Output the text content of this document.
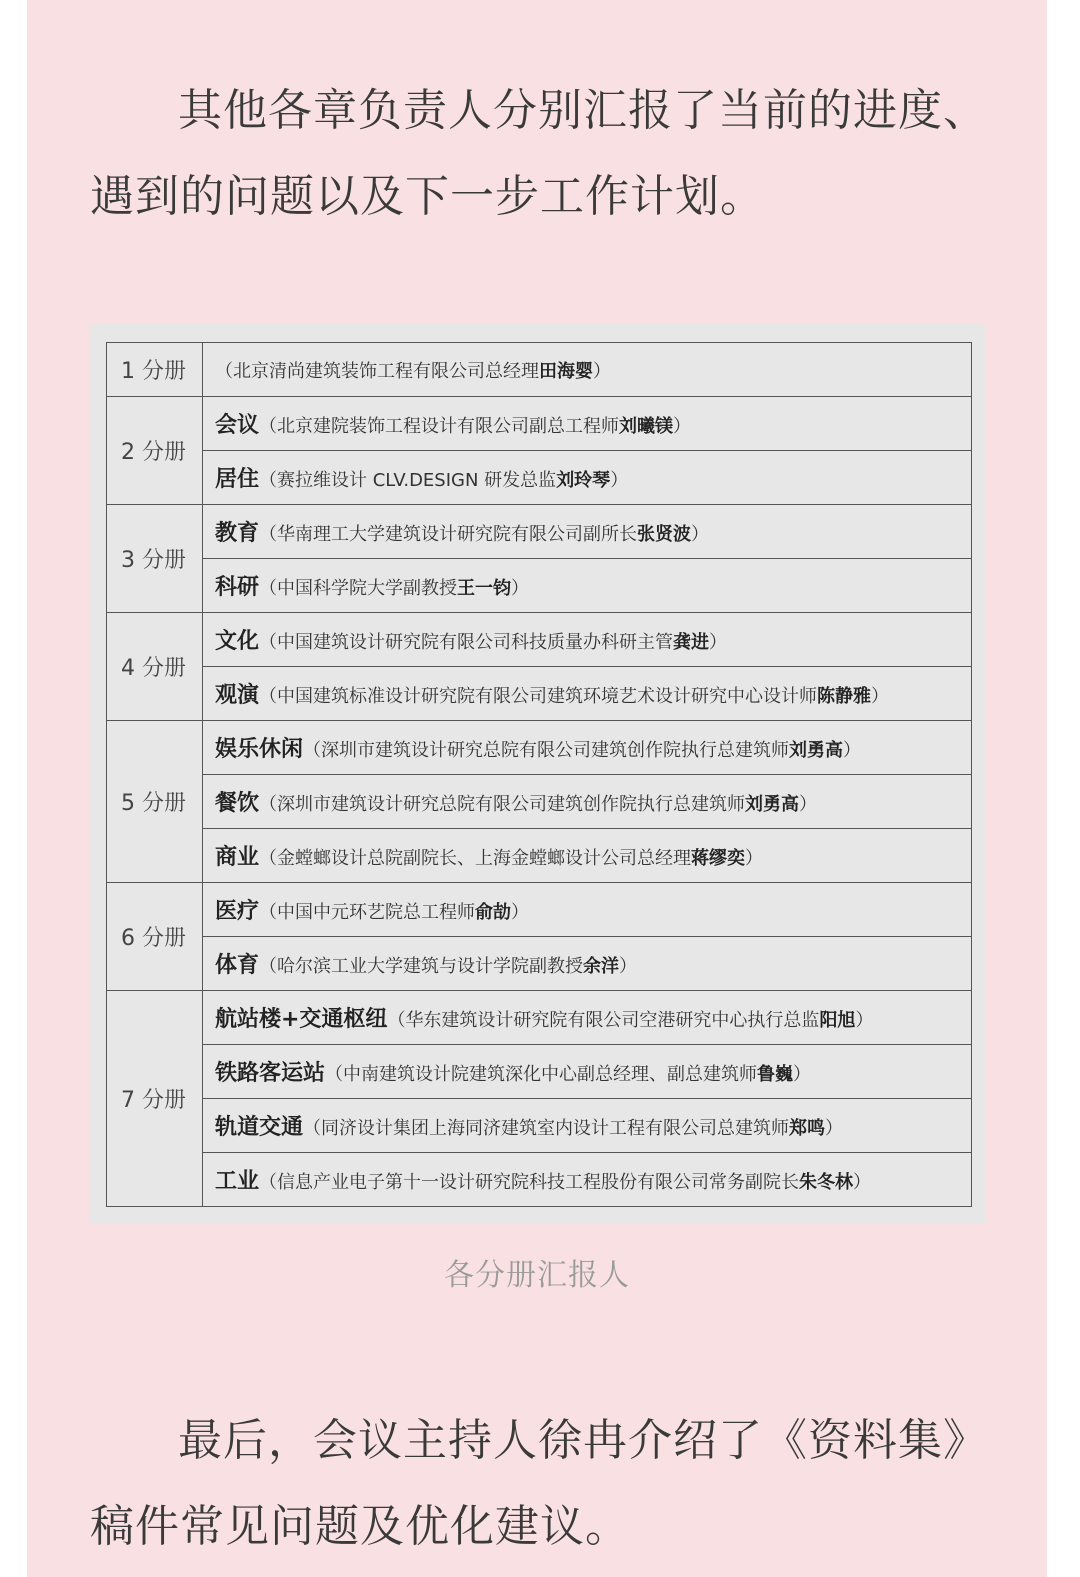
其他各章负责人分别汇报了当前的进度、遇到的问题以及下一步工作计划。

1 分册	（北京清尚建筑装饰工程有限公司总经理田海婴）
2 分册	会议（北京建院装饰工程设计有限公司副总工程师刘曦镁）
	居住（赛拉维设计 CLV.DESIGN 研发总监刘玲琴）
3 分册	教育（华南理工大学建筑设计研究院有限公司副所长张贤波）
	科研（中国科学院大学副教授王一钧）
4 分册	文化（中国建筑设计研究院有限公司科技质量办科研主管龚进）
	观演（中国建筑标准设计研究院有限公司建筑环境艺术设计研究中心设计师陈静雅）
5 分册	娱乐休闲（深圳市建筑设计研究总院有限公司建筑创作院执行总建筑师刘勇高）
	餐饮（深圳市建筑设计研究总院有限公司建筑创作院执行总建筑师刘勇高）
	商业（金螳螂设计总院副院长、上海金螳螂设计公司总经理蒋缪奕）
6 分册	医疗（中国中元环艺院总工程师俞劼）
	体育（哈尔滨工业大学建筑与设计学院副教授余洋）
7 分册	航站楼+交通枢纽（华东建筑设计研究院有限公司空港研究中心执行总监阳旭）
	铁路客运站（中南建筑设计院建筑深化中心副总经理、副总建筑师鲁巍）
	轨道交通（同济设计集团上海同济建筑室内设计工程有限公司总建筑师郑鸣）
	工业（信息产业电子第十一设计研究院科技工程股份有限公司常务副院长朱冬林）
各分册汇报人

最后，会议主持人徐冉介绍了《资料集》稿件常见问题及优化建议。
